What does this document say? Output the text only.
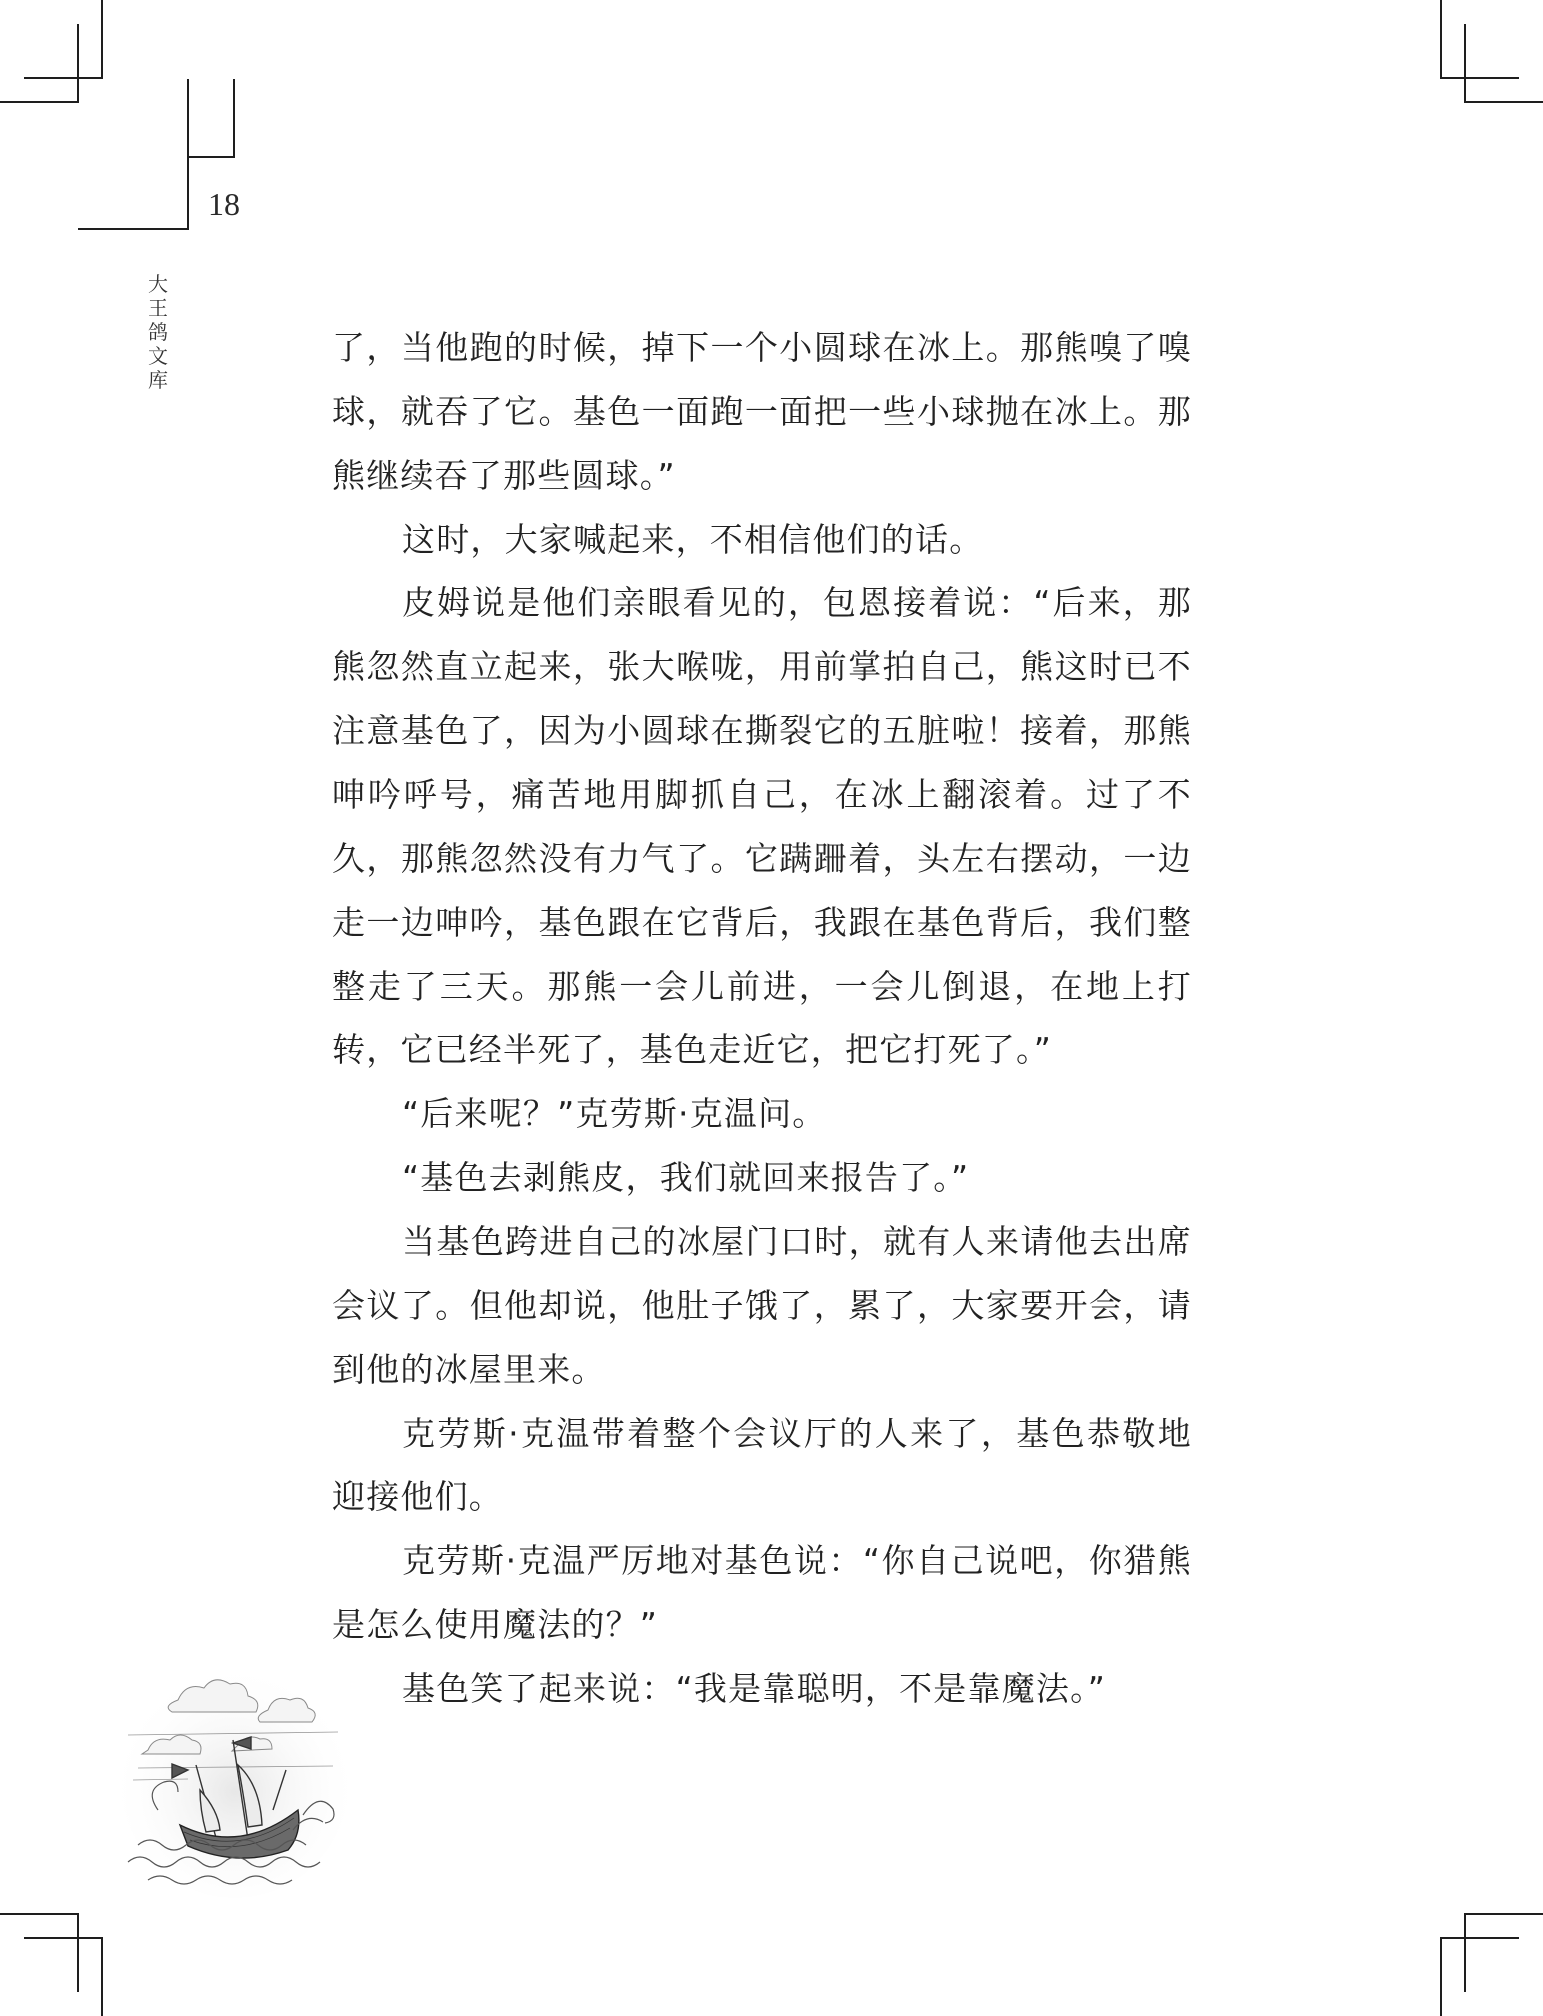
18
大王鸽文库

了，当他跑的时候，掉下一个小圆球在冰上。那熊嗅了嗅球，就吞了它。基色一面跑一面把一些小球抛在冰上。那熊继续吞了那些圆球。”

这时，大家喊起来，不相信他们的话。

皮姆说是他们亲眼看见的，包恩接着说：“后来，那熊忽然直立起来，张大喉咙，用前掌拍自己，熊这时已不注意基色了，因为小圆球在撕裂它的五脏啦！接着，那熊呻吟呼号，痛苦地用脚抓自己，在冰上翻滚着。过了不久，那熊忽然没有力气了。它蹒跚着，头左右摆动，一边走一边呻吟，基色跟在它背后，我跟在基色背后，我们整整走了三天。那熊一会儿前进，一会儿倒退，在地上打转，它已经半死了，基色走近它，把它打死了。”

“后来呢？”克劳斯·克温问。

“基色去剥熊皮，我们就回来报告了。”

当基色跨进自己的冰屋门口时，就有人来请他去出席会议了。但他却说，他肚子饿了，累了，大家要开会，请到他的冰屋里来。

克劳斯·克温带着整个会议厅的人来了，基色恭敬地迎接他们。

克劳斯·克温严厉地对基色说：“你自己说吧，你猎熊是怎么使用魔法的？”

基色笑了起来说：“我是靠聪明，不是靠魔法。”
